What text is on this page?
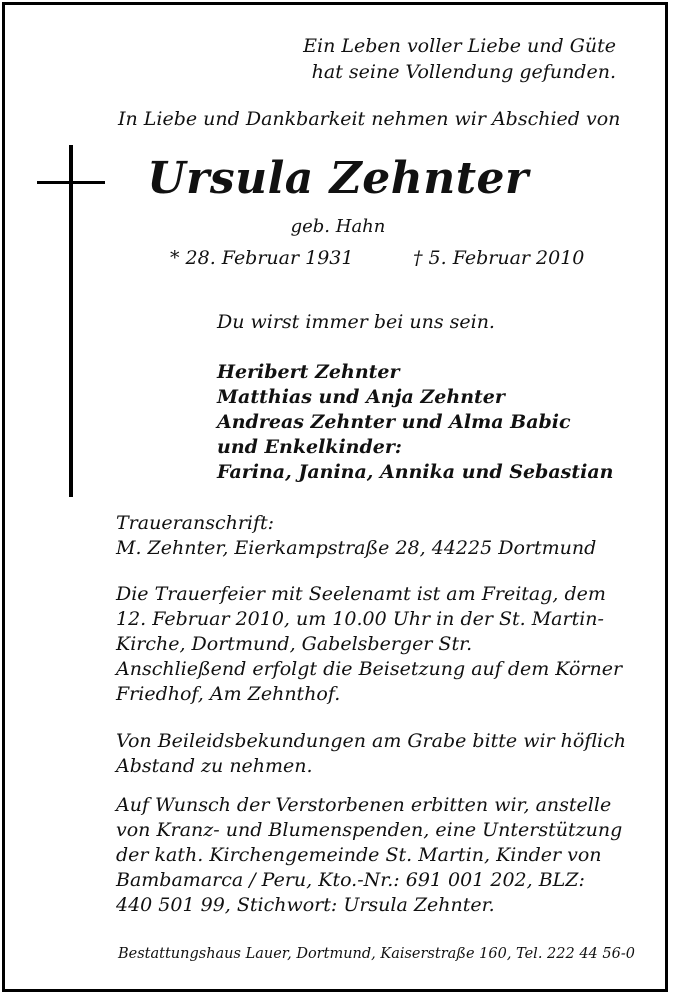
Ein Leben voller Liebe und Güte

hat seine Vollendung gefunden.

In Liebe und Dankbarkeit nehmen wir Abschied von

Ursula Zehnter

geb. Hahn

* 28. Februar 1931	† 5. Februar 2010

Du wirst immer bei uns sein.

Heribert Zehnter

Matthias und Anja Zehnter

Andreas Zehnter und Alma Babic

und Enkelkinder:

Farina, Janina, Annika und Sebastian

Traueranschrift:

M. Zehnter, Eierkampstraße 28, 44225 Dortmund

Die Trauerfeier mit Seelenamt ist am Freitag, dem

12. Februar 2010, um 10.00 Uhr in der St. Martin-

Kirche, Dortmund, Gabelsberger Str.

Anschließend erfolgt die Beisetzung auf dem Körner

Friedhof, Am Zehnthof.

Von Beileidsbekundungen am Grabe bitte wir höflich

Abstand zu nehmen.

Auf Wunsch der Verstorbenen erbitten wir, anstelle

von Kranz- und Blumenspenden, eine Unterstützung

der kath. Kirchengemeinde St. Martin, Kinder von

Bambamarca / Peru, Kto.-Nr.: 691 001 202, BLZ:

440 501 99, Stichwort: Ursula Zehnter.

Bestattungshaus Lauer, Dortmund, Kaiserstraße 160, Tel. 222 44 56-0
